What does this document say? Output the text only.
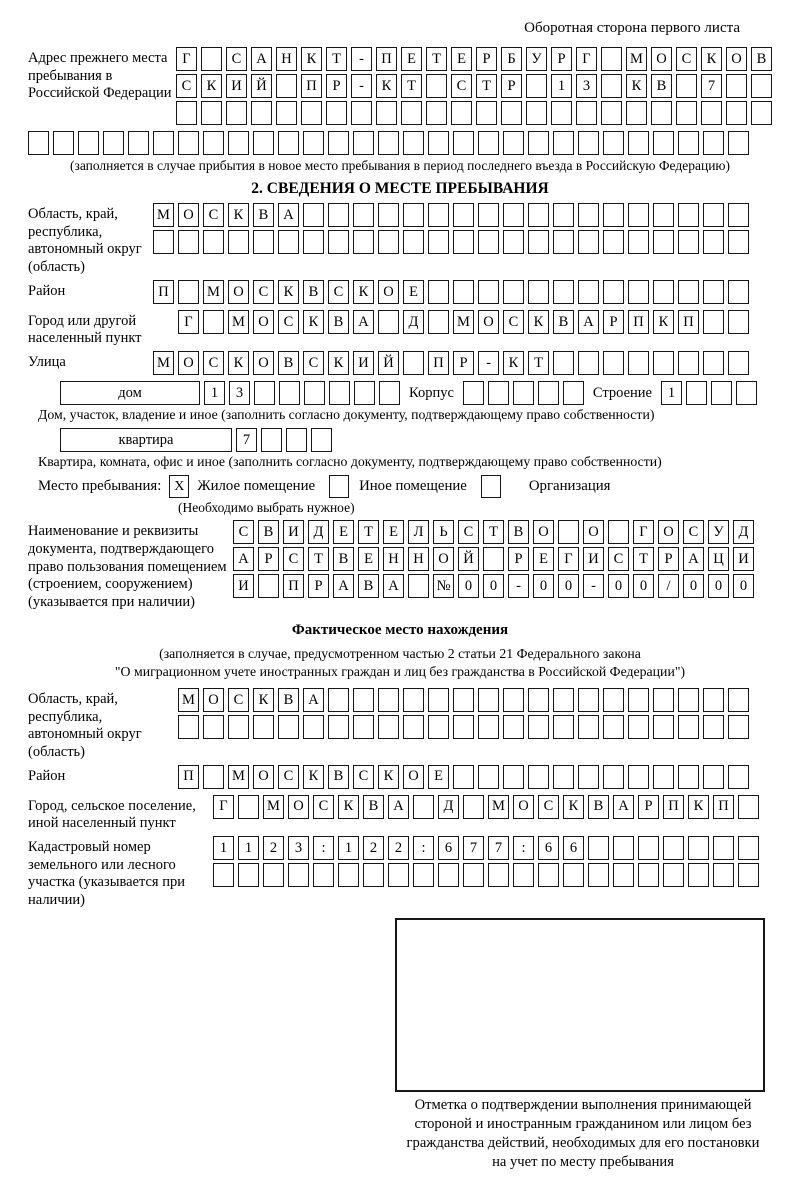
Оборотная сторона первого листа
Адрес прежнего места пребывания в Российской Федерации
Г	С	А	Н	К	Т	-	П	Е	Т	Е	Р	Б	У	Р	Г	М О	С	К	О	В
С	К	И	Й	П	Р	-	К	Т	С	Т	Р	1	3	К	В	7
(заполняется в случае прибытия в новое место пребывания в период последнего въезда в Российскую Федерацию)
2. СВЕДЕНИЯ О МЕСТЕ ПРЕБЫВАНИЯ
Область, край, республика, автономный округ (область)
М О	С	К	В	А
Район	П	М О	С	К	В	С	К	О	Е
Город или другой населенный пункт
Г	М О	С	К	В	А	Д	М О	С	К	В	А	Р	П	К	П
Улица	М О	С	К	О	В	С	К	И	Й	П	Р	-	К	Т
дом	1	3	Корпус	Строение	1
Дом, участок, владение и иное (заполнить согласно документу, подтверждающему право собственности)
квартира	7
Квартира, комната, офис и иное (заполнить согласно документу, подтверждающему право собственности)
Место пребывания: X Жилое помещение	Иное помещение	Организация
(Необходимо выбрать нужное)
Наименование и реквизиты документа, подтверждающего право пользования помещением (строением, сооружением) (указывается при наличии)
С	В	И	Д	Е	Т	Е	Л	Ь	С	Т	В	О	О	Г	О	С	У	Д
А	Р	С	Т	В	Е	Н	Н	О	Й	Р	Е	Г	И	С	Т	Р	А	Ц	И
И	П	Р	А	В	А	№ 0	0	-	0	0	-	0	0	/	0	0	0
Фактическое место нахождения
(заполняется в случае, предусмотренном частью 2 статьи 21 Федерального закона
"О миграционном учете иностранных граждан и лиц без гражданства в Российской Федерации")
Область, край, республика, автономный округ (область)
М О	С	К	В	А
Район	П	М О	С	К	В	С	К	О	Е
Город, сельское поселение, иной населенный пункт
Г	М О	С	К	В	А	Д	М О	С	К	В	А	Р	П	К	П
Кадастровый номер земельного или лесного участка (указывается при наличии)
1	1	2	3	:	1	2	2	:	6	7	7	:	6	6
Отметка о подтверждении выполнения принимающей
стороной и иностранным гражданином или лицом без
гражданства действий, необходимых для его постановки
на учет по месту пребывания
